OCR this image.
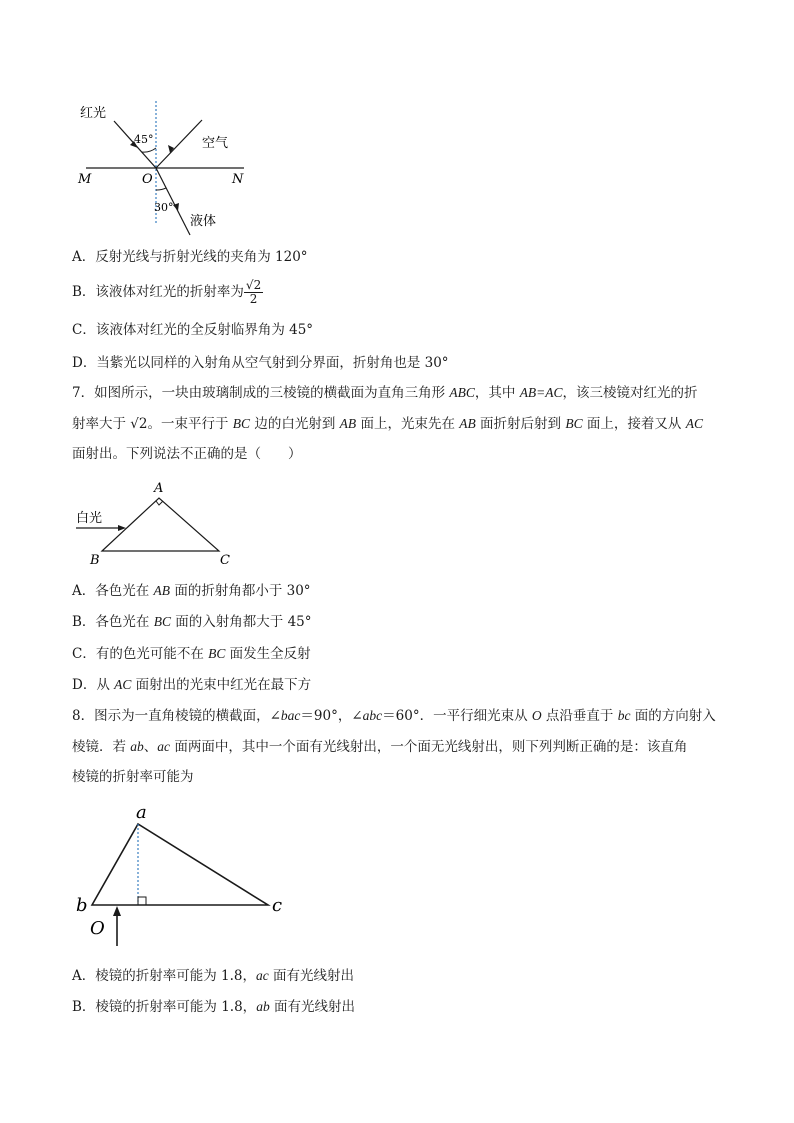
红光
45°	空气
M	O	N
30°
液体
A．反射光线与折射光线的夹角为 120°
B．该液体对红光的折射率为 $\frac{√2}{2}$
C．该液体对红光的全反射临界角为 45°
D．当紫光以同样的入射角从空气射到分界面，折射角也是 30°
7．如图所示，一块由玻璃制成的三棱镜的横截面为直角三角形 ABC，其中 AB=AC，该三棱镜对红光的折
射率大于 √2。一束平行于 BC 边的白光射到 AB 面上，光束先在 AB 面折射后射到 BC 面上，接着又从 AC
面射出。下列说法不正确的是（　　）
白光
A
B	C
A．各色光在 AB 面的折射角都小于 30°
B．各色光在 BC 面的入射角都大于 45°
C．有的色光可能不在 BC 面发生全反射
D．从 AC 面射出的光束中红光在最下方
8．图示为一直角棱镜的横截面，∠bac＝90°，∠abc＝60°．一平行细光束从 O 点沿垂直于 bc 面的方向射入
棱镜．若 ab、ac 面两面中，其中一个面有光线射出，一个面无光线射出，则下列判断正确的是：该直角
棱镜的折射率可能为
a
b	c
O
A．棱镜的折射率可能为 1.8，ac 面有光线射出
B．棱镜的折射率可能为 1.8，ab 面有光线射出
